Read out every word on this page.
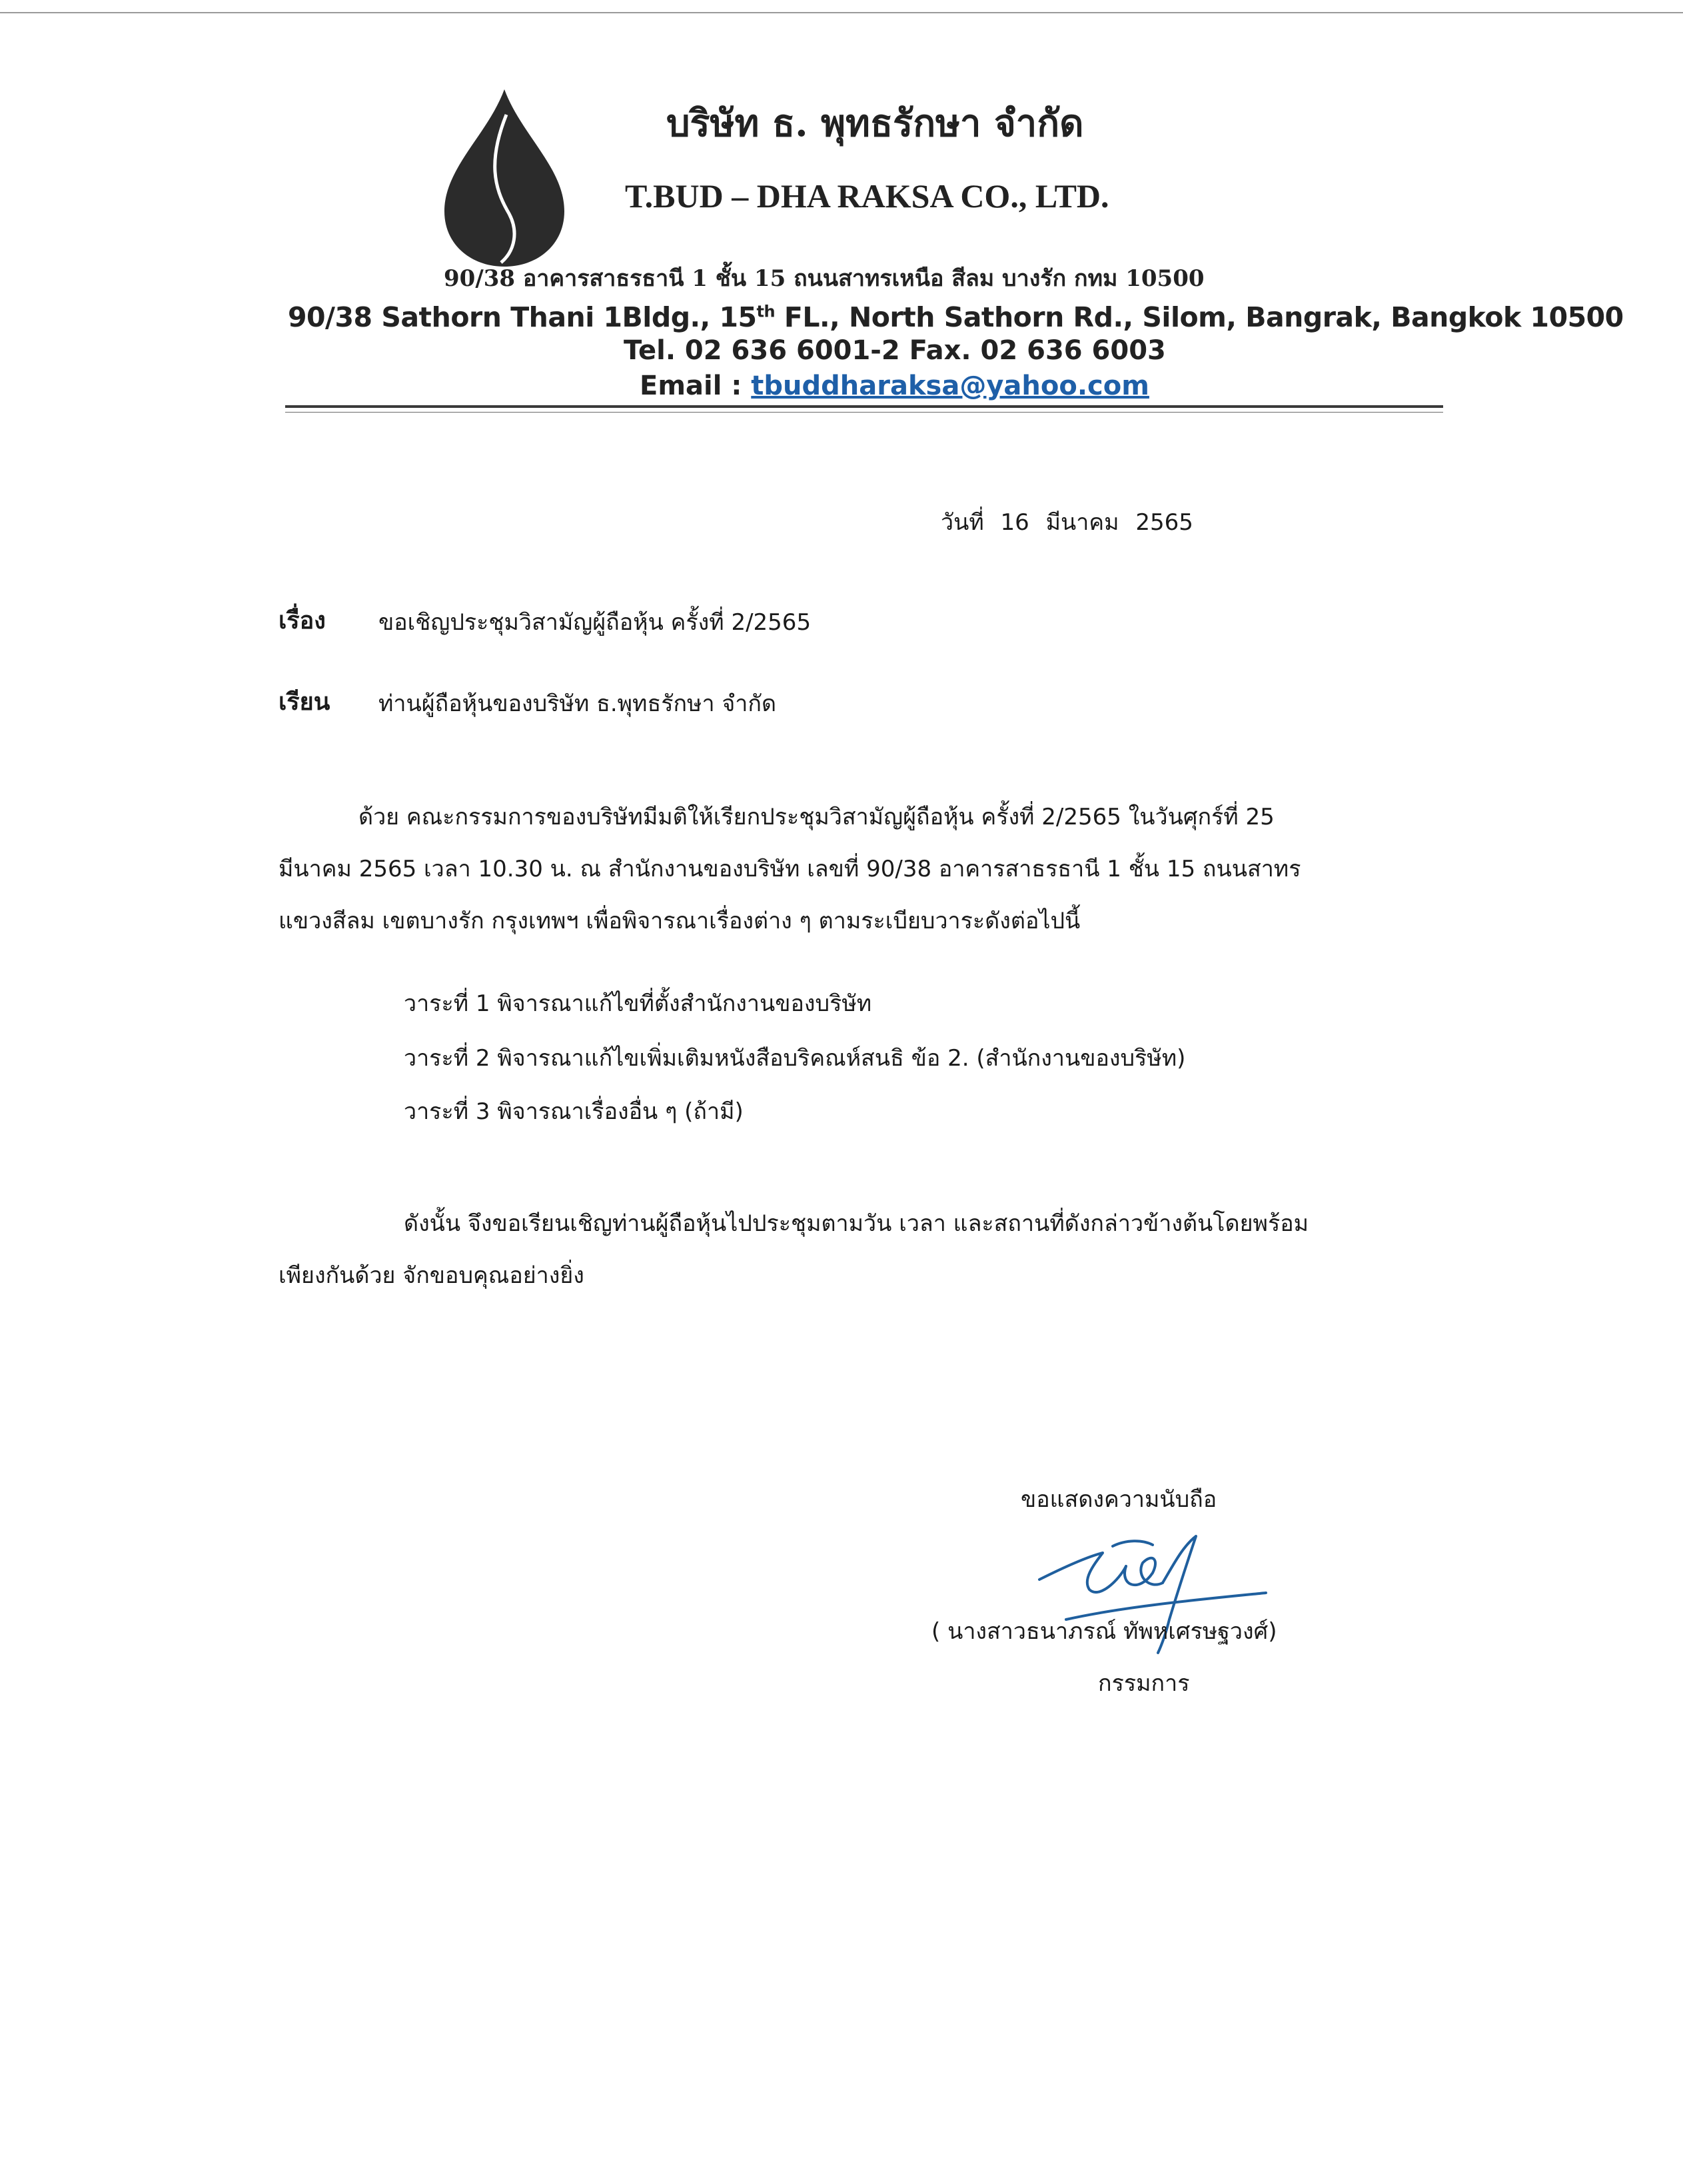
บริษัท ธ. พุทธรักษา จำกัด
T.BUD – DHA RAKSA CO., LTD.
90/38 อาคารสาธรธานี 1 ชั้น 15 ถนนสาทรเหนือ สีลม บางรัก กทม 10500
90/38 Sathorn Thani 1Bldg., 15th FL., North Sathorn Rd., Silom, Bangrak, Bangkok 10500
Tel. 02 636 6001-2 Fax. 02 636 6003
Email : tbuddharaksa@yahoo.com
วันที่ 16 มีนาคม 2565
เรื่อง ขอเชิญประชุมวิสามัญผู้ถือหุ้น ครั้งที่ 2/2565
เรียน ท่านผู้ถือหุ้นของบริษัท ธ.พุทธรักษา จำกัด
ด้วย คณะกรรมการของบริษัทมีมติให้เรียกประชุมวิสามัญผู้ถือหุ้น ครั้งที่ 2/2565 ในวันศุกร์ที่ 25
มีนาคม 2565 เวลา 10.30 น. ณ สำนักงานของบริษัท เลขที่ 90/38 อาคารสาธรธานี 1 ชั้น 15 ถนนสาทร
แขวงสีลม เขตบางรัก กรุงเทพฯ เพื่อพิจารณาเรื่องต่าง ๆ ตามระเบียบวาระดังต่อไปนี้
วาระที่ 1 พิจารณาแก้ไขที่ตั้งสำนักงานของบริษัท
วาระที่ 2 พิจารณาแก้ไขเพิ่มเติมหนังสือบริคณห์สนธิ ข้อ 2. (สำนักงานของบริษัท)
วาระที่ 3 พิจารณาเรื่องอื่น ๆ (ถ้ามี)
ดังนั้น จึงขอเรียนเชิญท่านผู้ถือหุ้นไปประชุมตามวัน เวลา และสถานที่ดังกล่าวข้างต้นโดยพร้อม
เพียงกันด้วย จักขอบคุณอย่างยิ่ง
ขอแสดงความนับถือ
( นางสาวธนาภรณ์ ทัพหเศรษฐวงศ์)
กรรมการ
